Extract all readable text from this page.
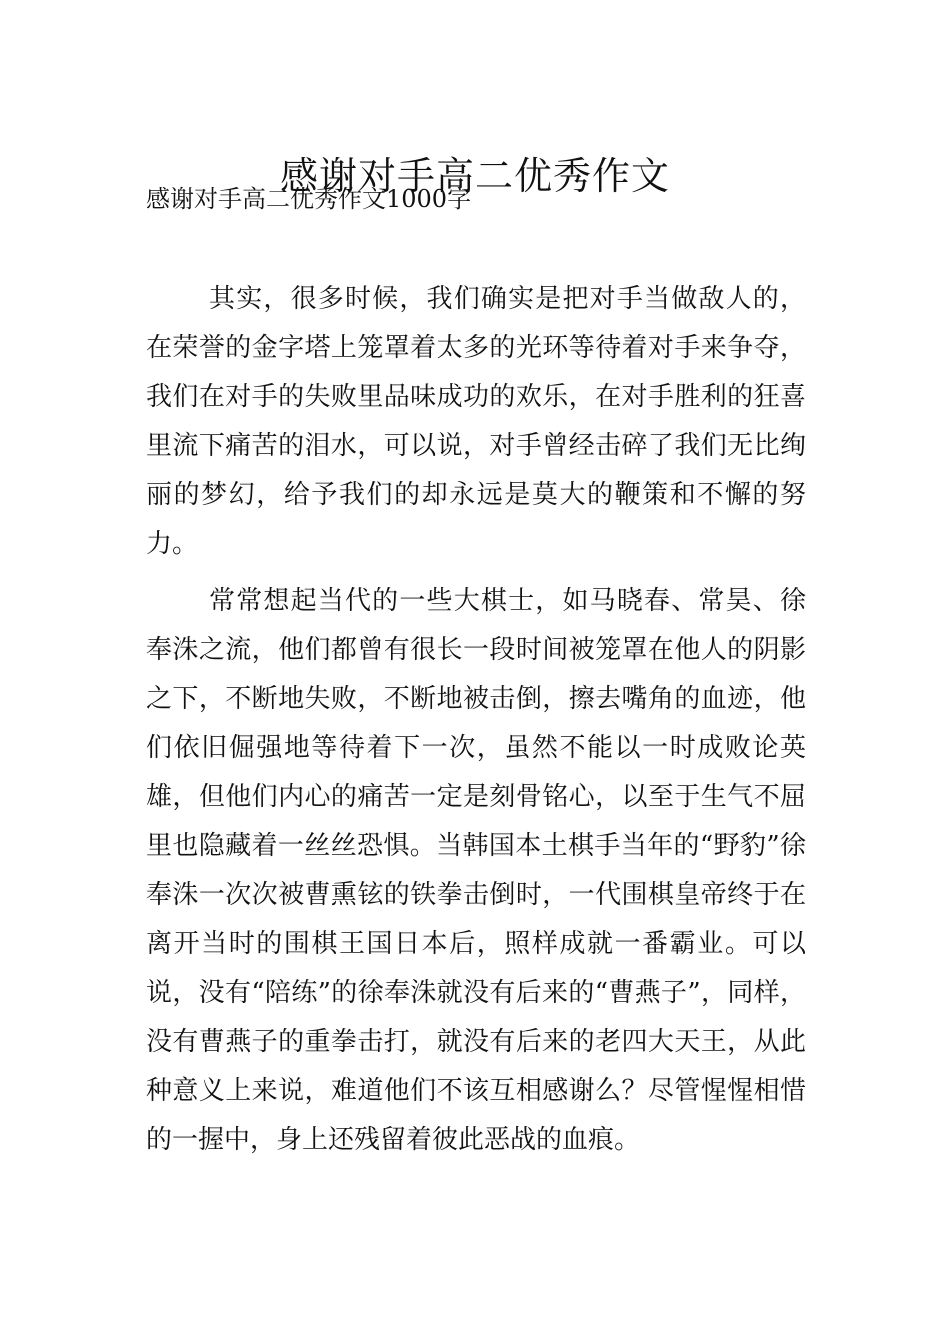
感谢对手高二优秀作文
感谢对手高二优秀作文1000字

其实，很多时候，我们确实是把对手当做敌人的，在荣誉的金字塔上笼罩着太多的光环等待着对手来争夺，我们在对手的失败里品味成功的欢乐，在对手胜利的狂喜里流下痛苦的泪水，可以说，对手曾经击碎了我们无比绚丽的梦幻，给予我们的却永远是莫大的鞭策和不懈的努力。

常常想起当代的一些大棋士，如马晓春、常昊、徐奉洙之流，他们都曾有很长一段时间被笼罩在他人的阴影之下，不断地失败，不断地被击倒，擦去嘴角的血迹，他们依旧倔强地等待着下一次，虽然不能以一时成败论英雄，但他们内心的痛苦一定是刻骨铭心，以至于生气不屈里也隐藏着一丝丝恐惧。当韩国本土棋手当年的“野豹”徐奉洙一次次被曹熏铉的铁拳击倒时，一代围棋皇帝终于在离开当时的围棋王国日本后，照样成就一番霸业。可以说，没有“陪练”的徐奉洙就没有后来的“曹燕子”，同样，没有曹燕子的重拳击打，就没有后来的老四大天王，从此种意义上来说，难道他们不该互相感谢么？尽管惺惺相惜的一握中，身上还残留着彼此恶战的血痕。
